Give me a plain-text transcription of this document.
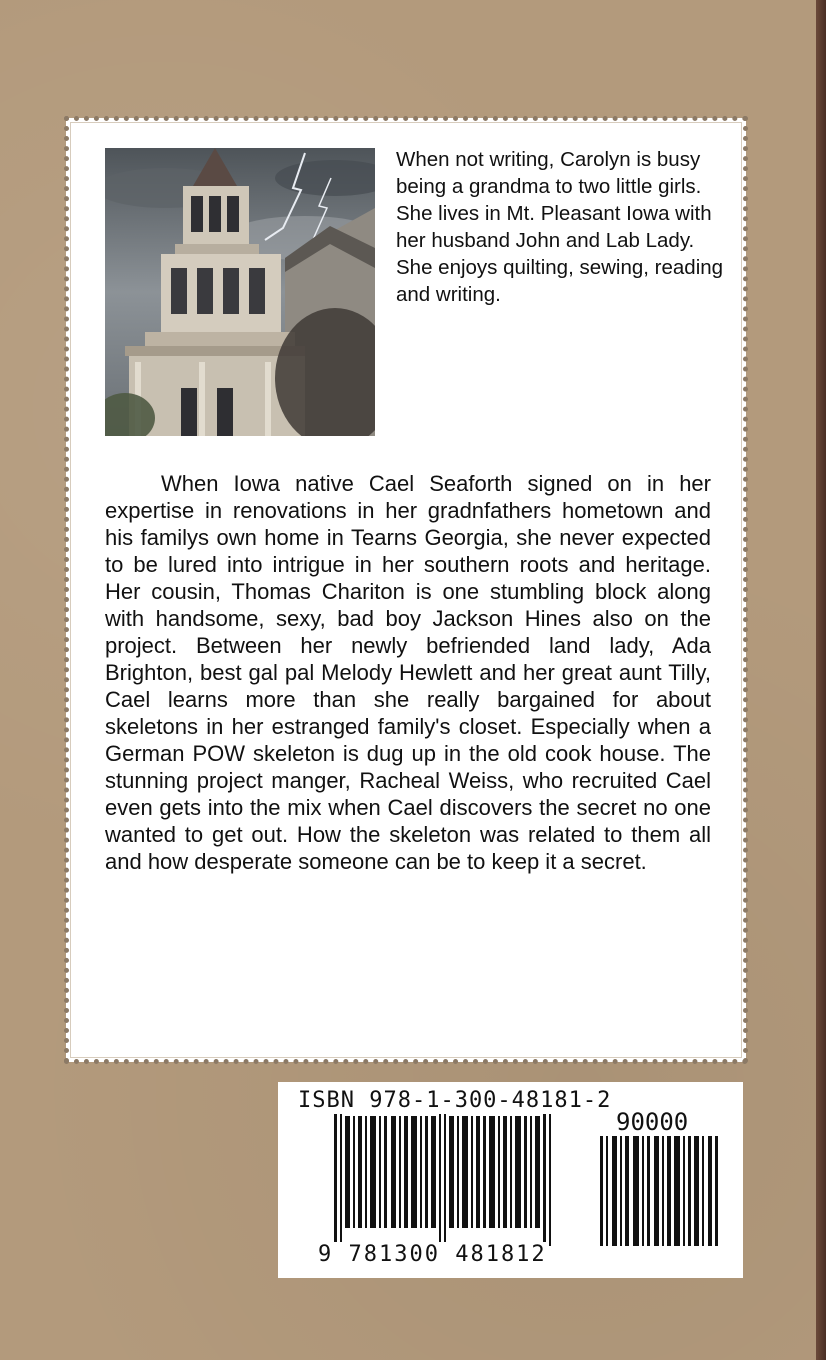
When not writing, Carolyn is busy being a grandma to two little girls. She lives in Mt. Pleasant Iowa with her husband John and Lab Lady. She enjoys quilting, sewing, reading and writing.
When Iowa native Cael Seaforth signed on in her expertise in renovations in her gradnfathers hometown and his familys own home in Tearns Georgia, she never expected to be lured into intrigue in her southern roots and heritage. Her cousin, Thomas Chariton is one stumbling block along with handsome, sexy, bad boy Jackson Hines also on the project. Between her newly befriended land lady, Ada Brighton, best gal pal Melody Hewlett and her great aunt Tilly, Cael learns more than she really bargained for about skeletons in her estranged family's closet. Especially when a German POW skeleton is dug up in the old cook house. The stunning project manger, Racheal Weiss, who recruited Cael even gets into the mix when Cael discovers the secret no one wanted to get out. How the skeleton was related to them all and how desperate someone can be to keep it a secret.
ISBN 978-1-300-48181-2
90000
9 781300 481812
